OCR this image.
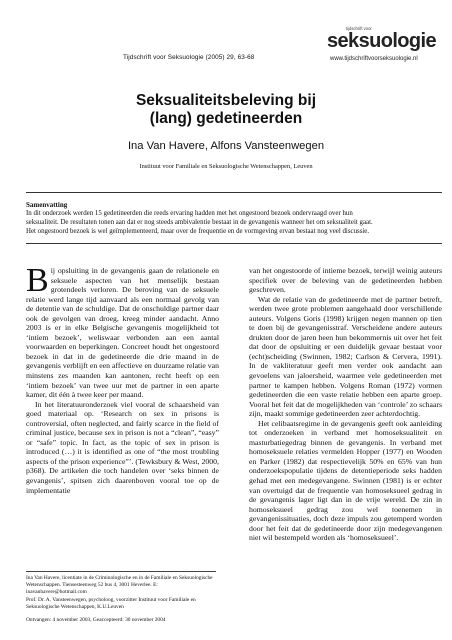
Tijdschrift voor Seksuologie (2005) 29, 63-68
tijdschrift voor
seksuologie
www.tijdschriftvoorseksuologie.nl
Seksualiteitsbeleving bij
(lang) gedetineerden
Ina Van Havere, Alfons Vansteenwegen
Instituut voor Familiale en Seksuologische Wetenschappen, Leuven
Samenvatting
In dit onderzoek werden 15 gedetineerden die reeds ervaring hadden met het ongestoord bezoek ondervraagd over hun
seksualiteit. De resultaten tonen aan dat er nog steeds ambivalentie bestaat in de gevangenis wanneer het om seksualiteit gaat.
Het ongestoord bezoek is wel geïmplementeerd, maar over de frequentie en de vormgeving ervan bestaat nog veel discussie.

Bij opsluiting in de gevangenis gaan de relationele en seksuele aspecten van het menselijk bestaan grotendeels verloren. De beroving van de seksuele relatie werd lange tijd aanvaard als een normaal gevolg van de detentie van de schuldige. Dat de onschuldige partner daar ook de gevolgen van droeg, kreeg minder aandacht. Anno 2003 is er in elke Belgische gevangenis mogelijkheid tot ‘intiem bezoek’, weliswaar verbonden aan een aantal voorwaarden en beperkingen. Concreet houdt het ongestoord bezoek in dat in de gedetineerde die drie maand in de gevangenis verblijft en een affectieve en duurzame relatie van minstens zes maanden kan aantonen, recht heeft op een ‘intiem bezoek’ van twee uur met de partner in een aparte kamer, dit één à twee keer per maand.

In het literatuuronderzoek viel vooral de schaarsheid van goed materiaal op. ‘Research on sex in prisons is controversial, often neglected, and fairly scarce in the field of criminal justice, because sex in prison is not a “clean”, “easy” or “safe” topic. In fact, as the topic of sex in prison is introduced (…) it is identified as one of “the most troubling aspects of the prison experience”’. (Tewksbury & West, 2000, p368). De artikelen die toch handelen over ‘seks binnen de gevangenis’, spitsen zich daarenboven vooral toe op de implementatie

Ina Van Havere, licentiate in de Criminologische en in de Familiale en Seksuologische Wetenschappen. Tiensesteenweg 52 bus 4, 3001 Heverlee. E: inavanhavere@hotmail.com
Prof. Dr. A. Vansteenwegen, psycholoog, voorzitter Instituut voor Familiale en Seksuologische Wetenschappen, K.U.Leuven
Ontvangen: 4 november 2003, Geaccepteerd: 30 november 2004

van het ongestoorde of intieme bezoek, terwijl weinig auteurs specifiek over de beleving van de gedetineerden hebben geschreven.

Wat de relatie van de gedetineerde met de partner betreft, werden twee grote problemen aangehaald door verschillende auteurs. Volgens Goris (1998) krijgen negen mannen op tien te doen bij de gevangenisstraf. Verscheidene andere auteurs drukten door de jaren heen hun bekommernis uit over het feit dat door de opsluiting er een duidelijk gevaar bestaat voor (echt)scheiding (Swinnen, 1982; Carlson & Cervera, 1991). In de vakliteratuur geeft men verder ook aandacht aan gevoelens van jaloersheid, waarmee vele gedetineerden met partner te kampen hebben. Volgens Roman (1972) vormen gedetineerden die een vaste relatie hebben een aparte groep. Vooral het feit dat de mogelijkheden van ‘controle’ zo schaars zijn, maakt sommige gedetineerden zeer achterdochtig.

Het celibaatsregime in de gevangenis geeft ook aanleiding tot onderzoeken in verband met homoseksualiteit en masturbatiegedrag binnen de gevangenis. In verband met homoseksuele relaties vermelden Hopper (1977) en Wooden en Parker (1982) dat respectievelijk 50% en 65% van hun onderzoekspopulatie tijdens de detentieperiode seks hadden gehad met een medegevangene. Swinnen (1981) is er echter van overtuigd dat de frequentie van homoseksueel gedrag in de gevangenis lager ligt dan in de vrije wereld. De zin in homoseksueel gedrag zou wel toenemen in gevangenissituaties, doch deze impuls zou getemperd worden door het feit dat de gedetineerde door zijn medegevangenen niet wil bestempeld worden als ‘homoseksueel’.
